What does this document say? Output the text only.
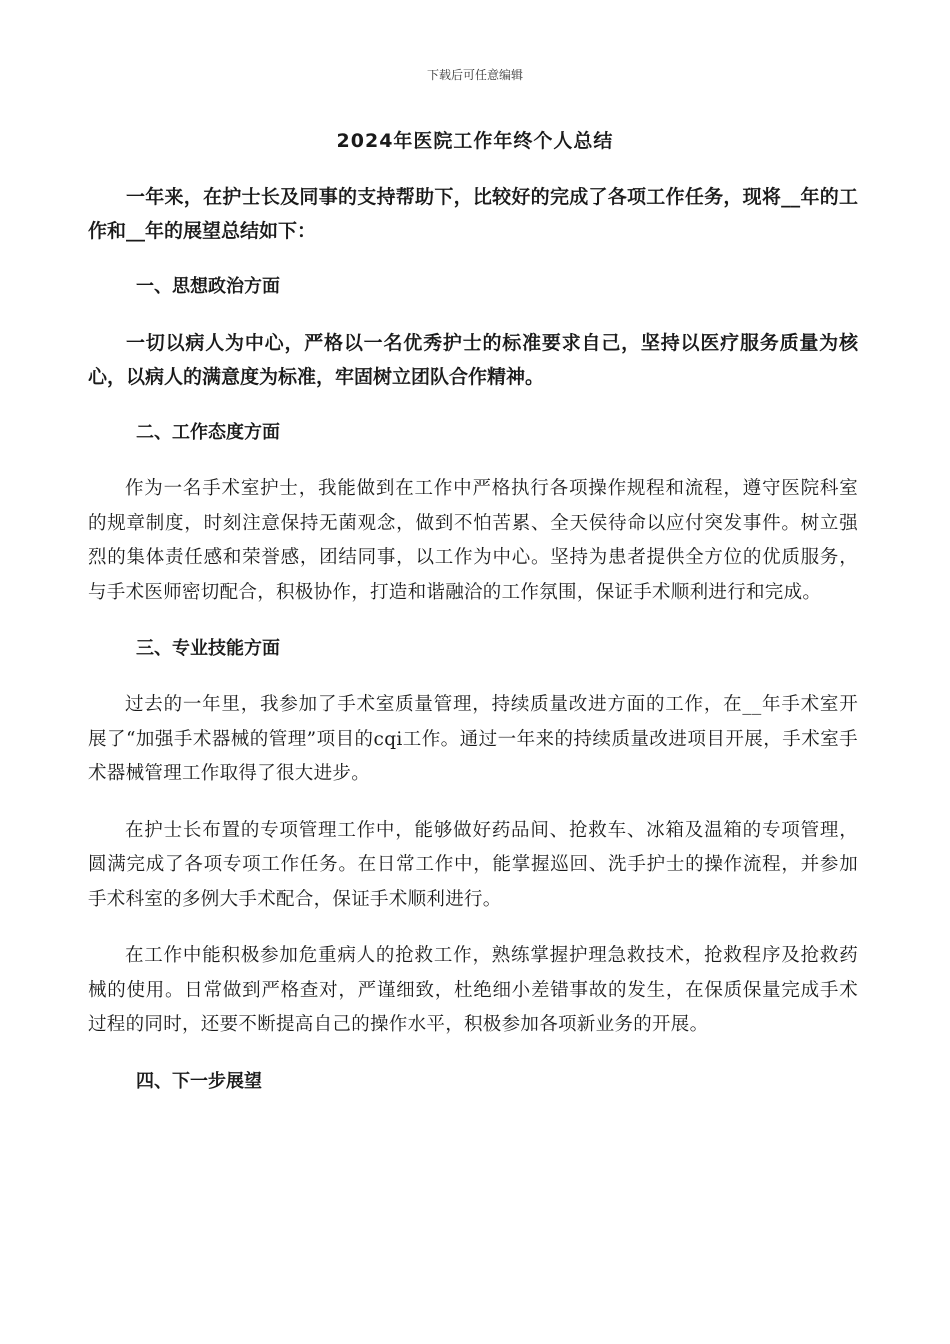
下载后可任意编辑
2024年医院工作年终个人总结

一年来，在护士长及同事的支持帮助下，比较好的完成了各项工作任务，现将__年的工作和__年的展望总结如下：

一、思想政治方面

一切以病人为中心，严格以一名优秀护士的标准要求自己，坚持以医疗服务质量为核心，以病人的满意度为标准，牢固树立团队合作精神。

二、工作态度方面

作为一名手术室护士，我能做到在工作中严格执行各项操作规程和流程，遵守医院科室的规章制度，时刻注意保持无菌观念，做到不怕苦累、全天侯待命以应付突发事件。树立强烈的集体责任感和荣誉感，团结同事，以工作为中心。坚持为患者提供全方位的优质服务，与手术医师密切配合，积极协作，打造和谐融洽的工作氛围，保证手术顺利进行和完成。

三、专业技能方面

过去的一年里，我参加了手术室质量管理，持续质量改进方面的工作，在__年手术室开展了“加强手术器械的管理”项目的cqi工作。通过一年来的持续质量改进项目开展，手术室手术器械管理工作取得了很大进步。

在护士长布置的专项管理工作中，能够做好药品间、抢救车、冰箱及温箱的专项管理，圆满完成了各项专项工作任务。在日常工作中，能掌握巡回、洗手护士的操作流程，并参加手术科室的多例大手术配合，保证手术顺利进行。

在工作中能积极参加危重病人的抢救工作，熟练掌握护理急救技术，抢救程序及抢救药械的使用。日常做到严格查对，严谨细致，杜绝细小差错事故的发生，在保质保量完成手术过程的同时，还要不断提高自己的操作水平，积极参加各项新业务的开展。

四、下一步展望
